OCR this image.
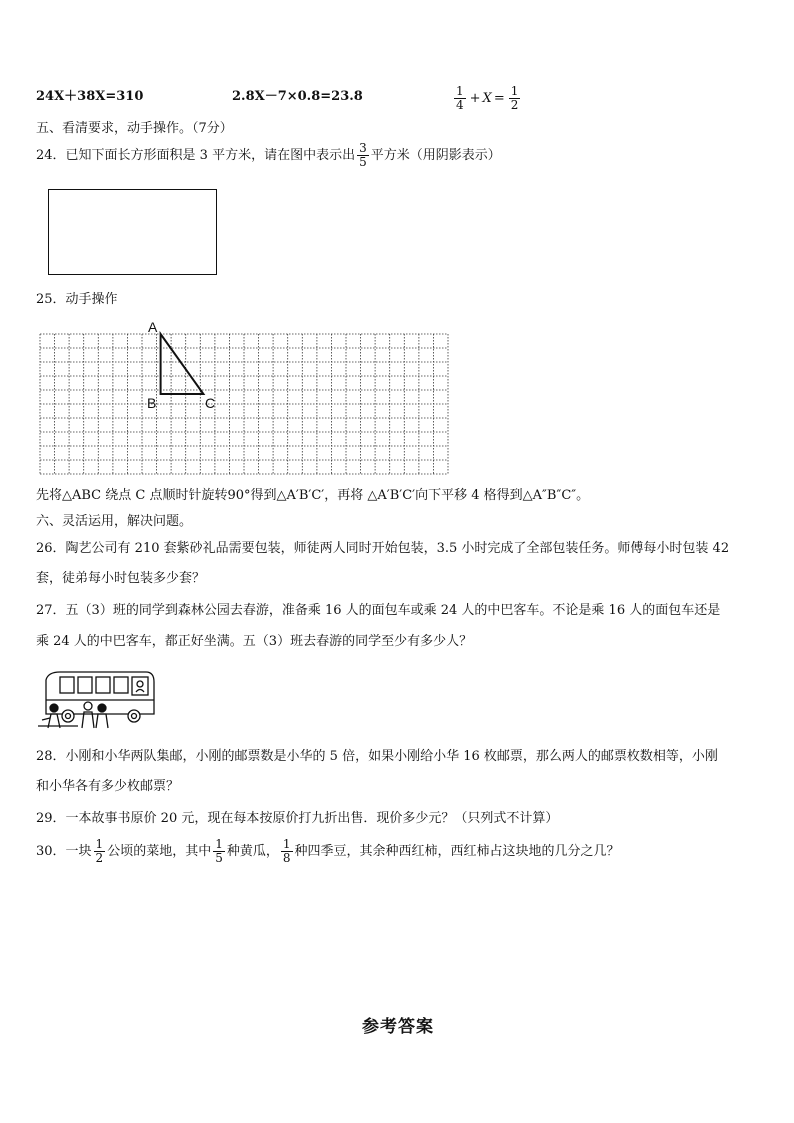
24X＋38X=310	2.8X－7×0.8=23.8	$\frac{1}{4} + X = \frac{1}{2}$
五、看清要求，动手操作。（7分）
24．已知下面长方形面积是 3 平方米，请在图中表示出 $\frac{3}{5}$ 平方米（用阴影表示）
25．动手操作
A
B	C
先将△ABC 绕点 C 点顺时针旋转90°得到△A′B′C′，再将 △A′B′C′向下平移 4 格得到△A″B″C″。
六、灵活运用，解决问题。
26．陶艺公司有 210 套紫砂礼品需要包装，师徒两人同时开始包装，3.5 小时完成了全部包装任务。师傅每小时包装 42
套，徒弟每小时包装多少套？
27．五（3）班的同学到森林公园去春游，准备乘 16 人的面包车或乘 24 人的中巴客车。不论是乘 16 人的面包车还是
乘 24 人的中巴客车，都正好坐满。五（3）班去春游的同学至少有多少人？
28．小刚和小华两队集邮，小刚的邮票数是小华的 5 倍，如果小刚给小华 16 枚邮票，那么两人的邮票枚数相等，小刚
和小华各有多少枚邮票？
29．一本故事书原价 20 元，现在每本按原价打九折出售．现价多少元？（只列式不计算）
30．一块 $\frac{1}{2}$ 公顷的菜地，其中 $\frac{1}{5}$ 种黄瓜， $\frac{1}{8}$ 种四季豆，其余种西红柿，西红柿占这块地的几分之几？
参考答案
